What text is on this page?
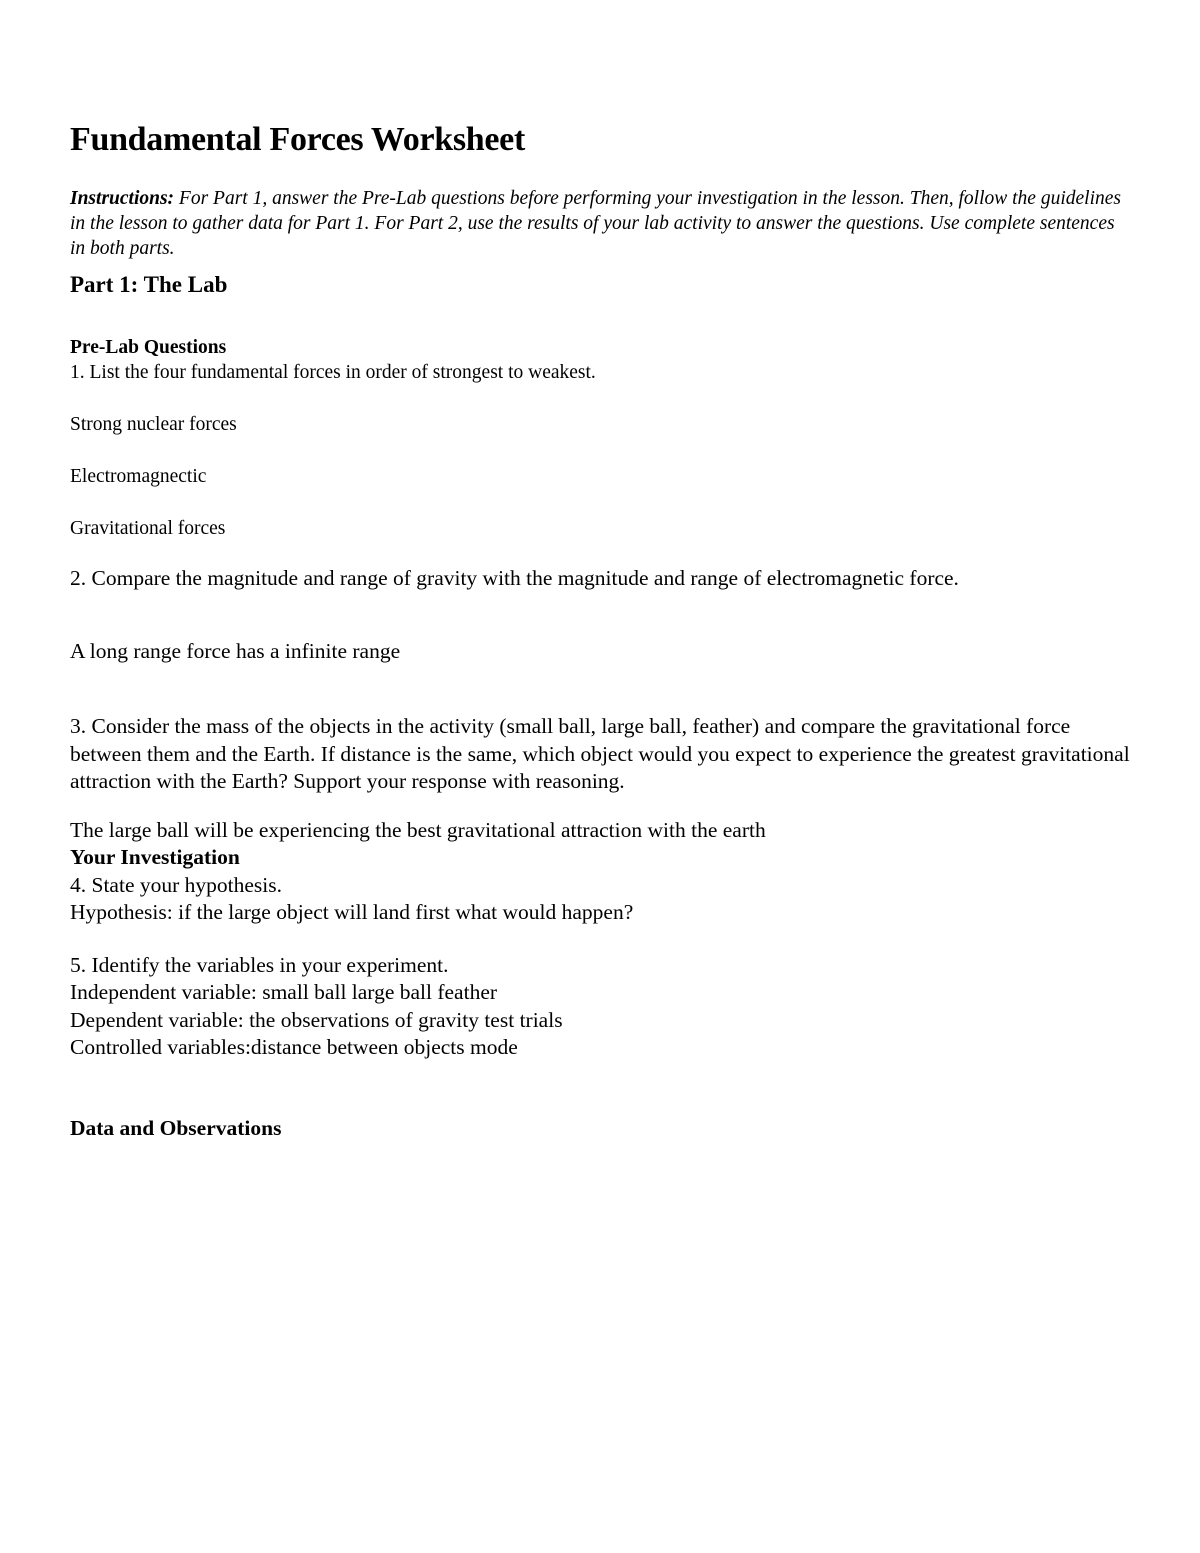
Fundamental Forces Worksheet
Instructions: For Part 1, answer the Pre-Lab questions before performing your investigation in the lesson. Then, follow the guidelines in the lesson to gather data for Part 1. For Part 2, use the results of your lab activity to answer the questions. Use complete sentences in both parts.
Part 1: The Lab
Pre-Lab Questions
1. List the four fundamental forces in order of strongest to weakest.
Strong nuclear forces
Electromagnectic
Gravitational forces
2. Compare the magnitude and range of gravity with the magnitude and range of electromagnetic force.
A long range force has a infinite range
3. Consider the mass of the objects in the activity (small ball, large ball, feather) and compare the gravitational force between them and the Earth. If distance is the same, which object would you expect to experience the greatest gravitational attraction with the Earth? Support your response with reasoning.
The large ball will be experiencing the best gravitational attraction with the earth
Your Investigation
4. State your hypothesis.
Hypothesis: if the large object will land first what would happen?
5. Identify the variables in your experiment.
Independent variable: small ball large ball feather
Dependent variable: the observations of gravity test trials
Controlled variables:distance between objects mode
Data and Observations
